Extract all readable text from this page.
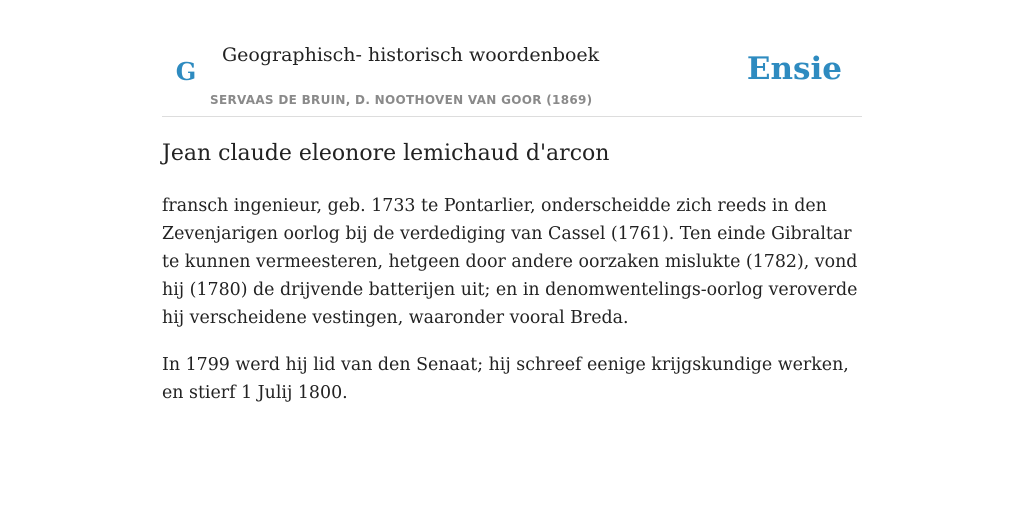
G
Geographisch- historisch woordenboek
SERVAAS DE BRUIN, D. NOOTHOVEN VAN GOOR (1869)
Ensie
Jean claude eleonore lemichaud d'arcon

fransch ingenieur, geb. 1733 te Pontarlier, onderscheidde zich reeds in den Zevenjarigen oorlog bij de verdediging van Cassel (1761). Ten einde Gibraltar te kunnen vermeesteren, hetgeen door andere oorzaken mislukte (1782), vond hij (1780) de drijvende batterijen uit; en in denomwentelings-oorlog veroverde hij verscheidene vestingen, waaronder vooral Breda.

In 1799 werd hij lid van den Senaat; hij schreef eenige krijgskundige werken, en stierf 1 Julij 1800.
